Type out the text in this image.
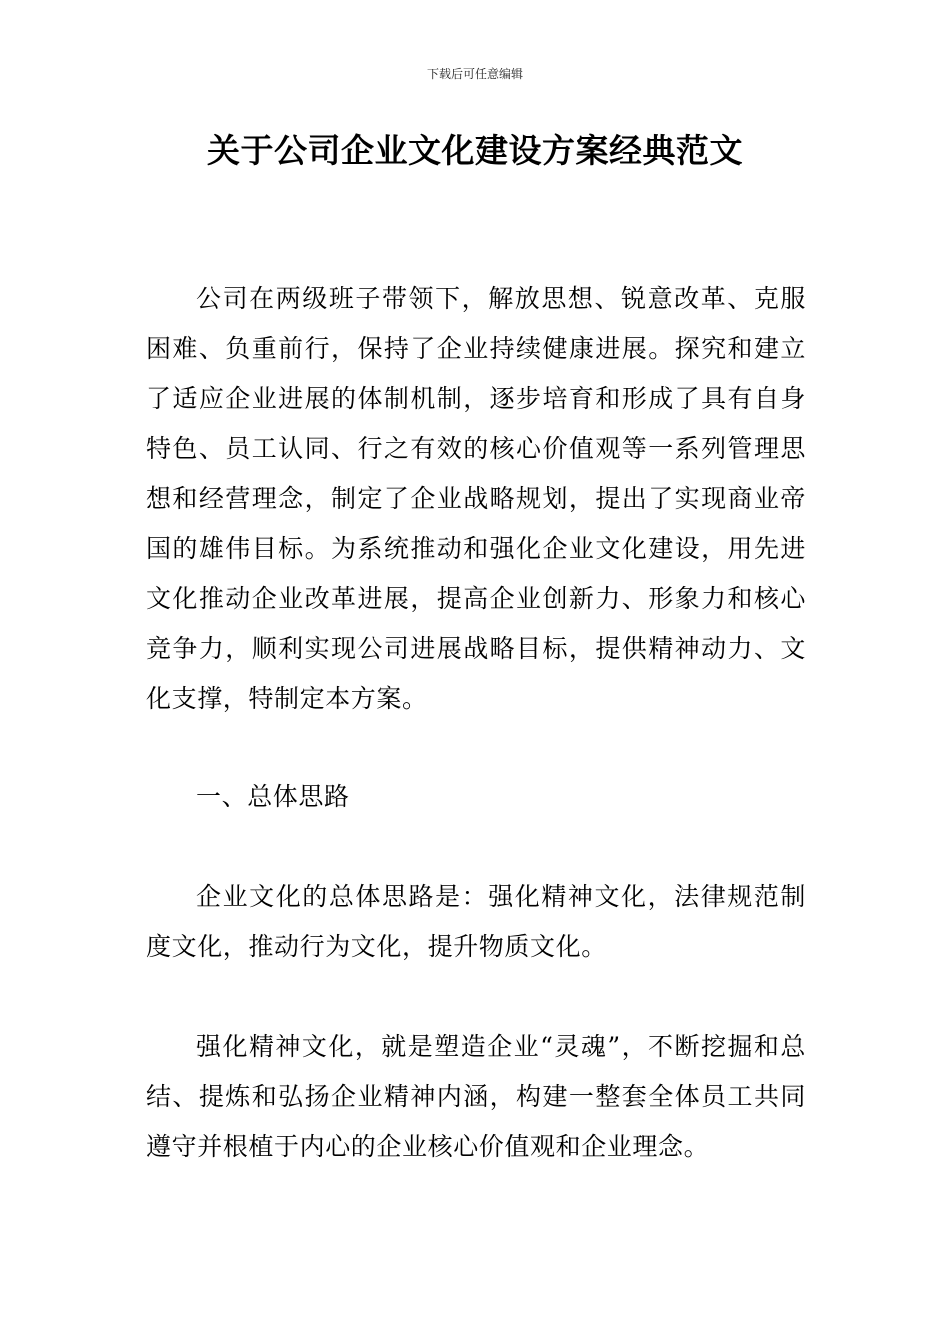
下载后可任意编辑
关于公司企业文化建设方案经典范文

公司在两级班子带领下，解放思想、锐意改革、克服困难、负重前行，保持了企业持续健康进展。探究和建立了适应企业进展的体制机制，逐步培育和形成了具有自身特色、员工认同、行之有效的核心价值观等一系列管理思想和经营理念，制定了企业战略规划，提出了实现商业帝国的雄伟目标。为系统推动和强化企业文化建设，用先进文化推动企业改革进展，提高企业创新力、形象力和核心竞争力，顺利实现公司进展战略目标，提供精神动力、文化支撑，特制定本方案。

一、总体思路

企业文化的总体思路是：强化精神文化，法律规范制度文化，推动行为文化，提升物质文化。

强化精神文化，就是塑造企业“灵魂”，不断挖掘和总结、提炼和弘扬企业精神内涵，构建一整套全体员工共同遵守并根植于内心的企业核心价值观和企业理念。
